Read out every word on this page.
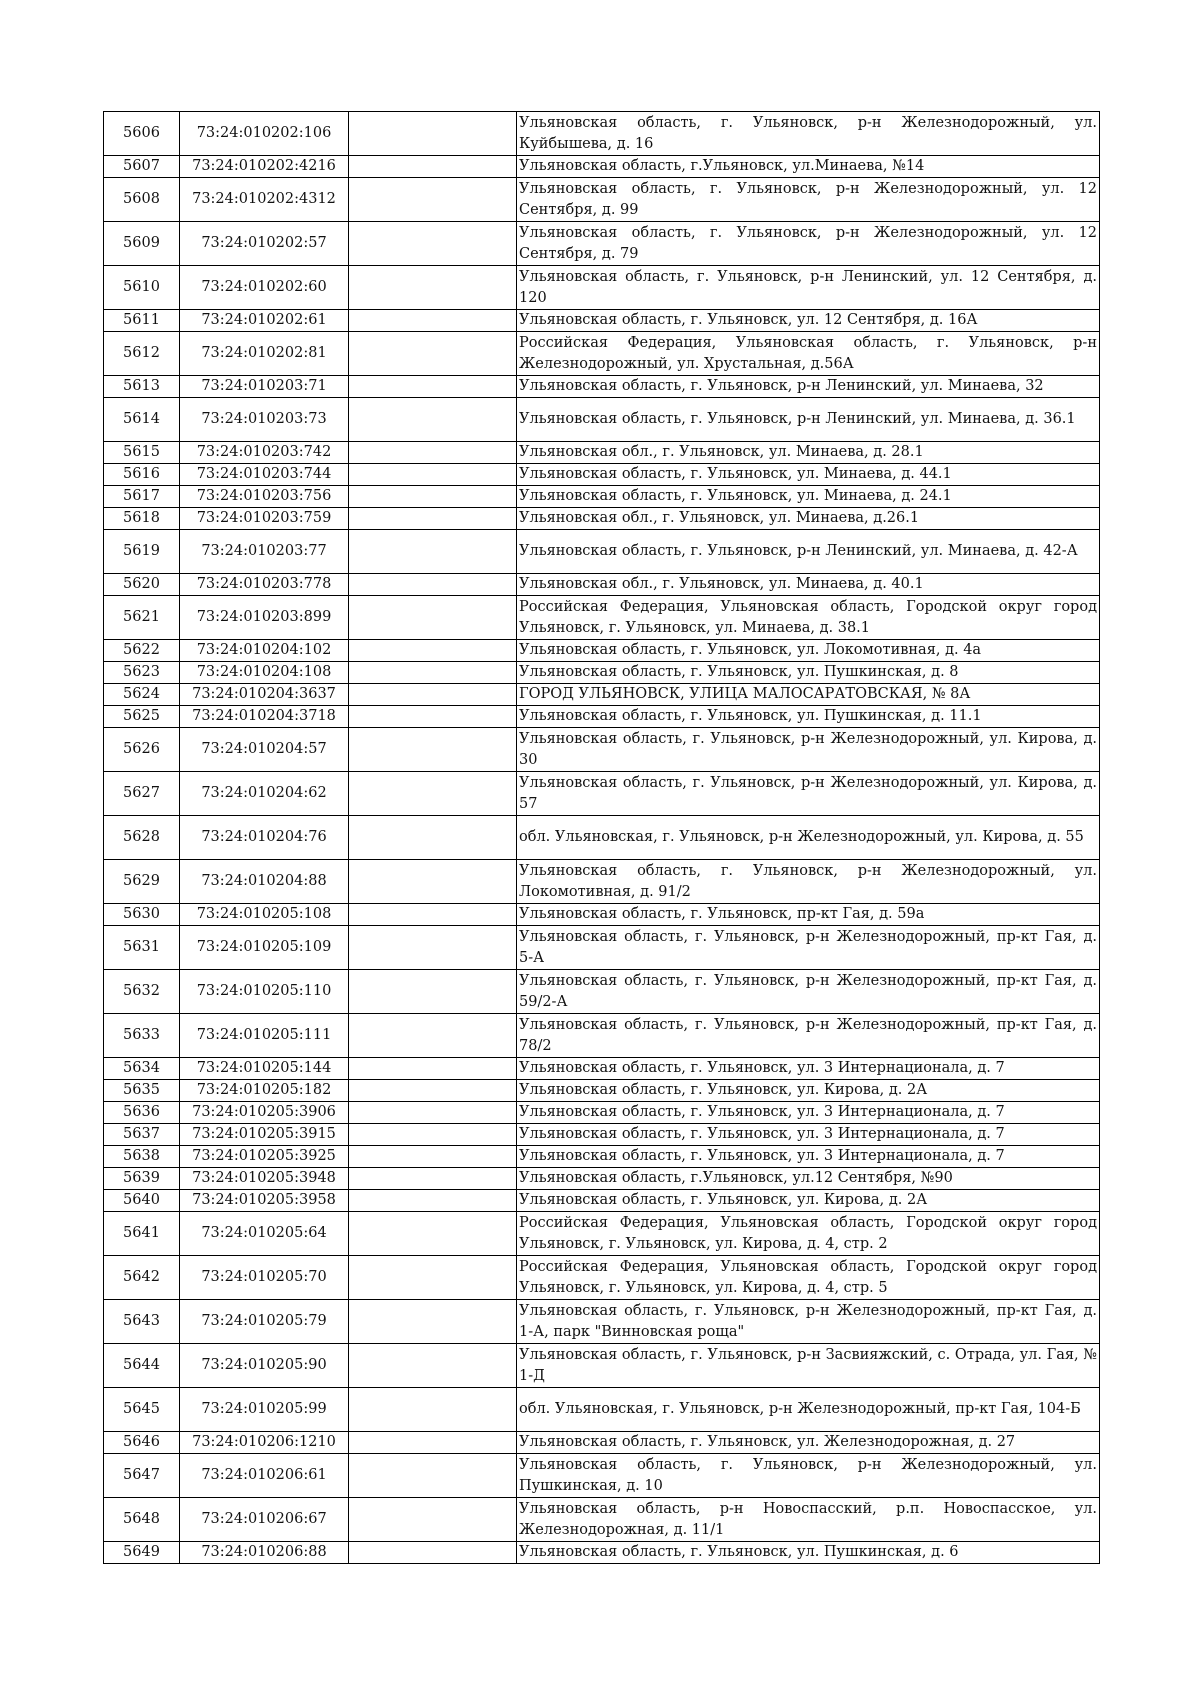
5606	73:24:010202:106		Ульяновская область, г. Ульяновск, р-н Железнодорожный, ул. Куйбышева, д. 16
5607	73:24:010202:4216		Ульяновская область, г.Ульяновск, ул.Минаева, №14
5608	73:24:010202:4312		Ульяновская область, г. Ульяновск, р-н Железнодорожный, ул. 12 Сентября, д. 99
5609	73:24:010202:57		Ульяновская область, г. Ульяновск, р-н Железнодорожный, ул. 12 Сентября, д. 79
5610	73:24:010202:60		Ульяновская область, г. Ульяновск, р-н Ленинский, ул. 12 Сентября, д. 120
5611	73:24:010202:61		Ульяновская область, г. Ульяновск, ул. 12 Сентября, д. 16А
5612	73:24:010202:81		Российская Федерация, Ульяновская область, г. Ульяновск, р-н Железнодорожный, ул. Хрустальная, д.56А
5613	73:24:010203:71		Ульяновская область, г. Ульяновск, р-н Ленинский, ул. Минаева, 32
5614	73:24:010203:73		Ульяновская область, г. Ульяновск, р-н Ленинский, ул. Минаева, д. 36.1
5615	73:24:010203:742		Ульяновская обл., г. Ульяновск, ул. Минаева, д. 28.1
5616	73:24:010203:744		Ульяновская область, г. Ульяновск, ул. Минаева, д. 44.1
5617	73:24:010203:756		Ульяновская область, г. Ульяновск, ул. Минаева, д. 24.1
5618	73:24:010203:759		Ульяновская обл., г. Ульяновск, ул. Минаева, д.26.1
5619	73:24:010203:77		Ульяновская область, г. Ульяновск, р-н Ленинский, ул. Минаева, д. 42-А
5620	73:24:010203:778		Ульяновская обл., г. Ульяновск, ул. Минаева, д. 40.1
5621	73:24:010203:899		Российская Федерация, Ульяновская область, Городской округ город Ульяновск, г. Ульяновск, ул. Минаева, д. 38.1
5622	73:24:010204:102		Ульяновская область, г. Ульяновск, ул. Локомотивная, д. 4а
5623	73:24:010204:108		Ульяновская область, г. Ульяновск, ул. Пушкинская, д. 8
5624	73:24:010204:3637		ГОРОД УЛЬЯНОВСК, УЛИЦА МАЛОСАРАТОВСКАЯ, № 8А
5625	73:24:010204:3718		Ульяновская область, г. Ульяновск, ул. Пушкинская, д. 11.1
5626	73:24:010204:57		Ульяновская область, г. Ульяновск, р-н Железнодорожный, ул. Кирова, д. 30
5627	73:24:010204:62		Ульяновская область, г. Ульяновск, р-н Железнодорожный, ул. Кирова, д. 57
5628	73:24:010204:76		обл. Ульяновская, г. Ульяновск, р-н Железнодорожный, ул. Кирова, д. 55
5629	73:24:010204:88		Ульяновская область, г. Ульяновск, р-н Железнодорожный, ул. Локомотивная, д. 91/2
5630	73:24:010205:108		Ульяновская область, г. Ульяновск, пр-кт Гая, д. 59а
5631	73:24:010205:109		Ульяновская область, г. Ульяновск, р-н Железнодорожный, пр-кт Гая, д. 5-А
5632	73:24:010205:110		Ульяновская область, г. Ульяновск, р-н Железнодорожный, пр-кт Гая, д. 59/2-А
5633	73:24:010205:111		Ульяновская область, г. Ульяновск, р-н Железнодорожный, пр-кт Гая, д. 78/2
5634	73:24:010205:144		Ульяновская область, г. Ульяновск, ул. 3 Интернационала, д. 7
5635	73:24:010205:182		Ульяновская область, г. Ульяновск, ул. Кирова, д. 2А
5636	73:24:010205:3906		Ульяновская область, г. Ульяновск, ул. 3 Интернационала, д. 7
5637	73:24:010205:3915		Ульяновская область, г. Ульяновск, ул. 3 Интернационала, д. 7
5638	73:24:010205:3925		Ульяновская область, г. Ульяновск, ул. 3 Интернационала, д. 7
5639	73:24:010205:3948		Ульяновская область, г.Ульяновск, ул.12 Сентября, №90
5640	73:24:010205:3958		Ульяновская область, г. Ульяновск, ул. Кирова, д. 2А
5641	73:24:010205:64		Российская Федерация, Ульяновская область, Городской округ город Ульяновск, г. Ульяновск, ул. Кирова, д. 4, стр. 2
5642	73:24:010205:70		Российская Федерация, Ульяновская область, Городской округ город Ульяновск, г. Ульяновск, ул. Кирова, д. 4, стр. 5
5643	73:24:010205:79		Ульяновская область, г. Ульяновск, р-н Железнодорожный, пр-кт Гая, д. 1-А, парк "Винновская роща"
5644	73:24:010205:90		Ульяновская область, г. Ульяновск, р-н Засвияжский, с. Отрада, ул. Гая, № 1-Д
5645	73:24:010205:99		обл. Ульяновская, г. Ульяновск, р-н Железнодорожный, пр-кт Гая, 104-Б
5646	73:24:010206:1210		Ульяновская область, г. Ульяновск, ул. Железнодорожная, д. 27
5647	73:24:010206:61		Ульяновская область, г. Ульяновск, р-н Железнодорожный, ул. Пушкинская, д. 10
5648	73:24:010206:67		Ульяновская область, р-н Новоспасский, р.п. Новоспасское, ул. Железнодорожная, д. 11/1
5649	73:24:010206:88		Ульяновская область, г. Ульяновск, ул. Пушкинская, д. 6
